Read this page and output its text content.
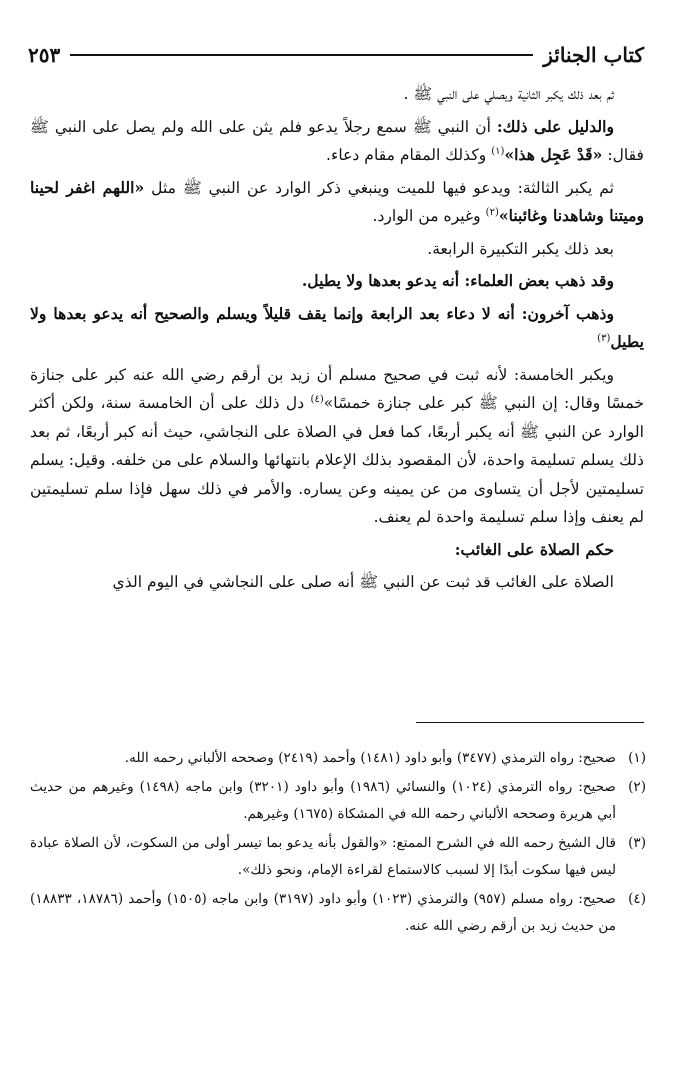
كتاب الجنائز
٢٥٣

ثم بعد ذلك يكبر الثانية ويصلي على النبي ﷺ .

والدليل على ذلك: أن النبي ﷺ سمع رجلاً يدعو فلم يثن على الله ولم يصل على النبي ﷺ فقال: «قَدْ عَجِل هذا»$^{(١)}$ وكذلك المقام مقام دعاء.

ثم يكبر الثالثة: ويدعو فيها للميت وينبغي ذكر الوارد عن النبي ﷺ مثل «اللهم اغفر لحينا وميتنا وشاهدنا وغائبنا»$^{(٢)}$ وغيره من الوارد.

بعد ذلك يكبر التكبيرة الرابعة.

وقد ذهب بعض العلماء: أنه يدعو بعدها ولا يطيل.

وذهب آخرون: أنه لا دعاء بعد الرابعة وإنما يقف قليلاً ويسلم والصحيح أنه يدعو بعدها ولا يطيل$^{(٣)}$

ويكبر الخامسة: لأنه ثبت في صحيح مسلم أن زيد بن أرقم رضي الله عنه كبر على جنازة خمسًا وقال: إن النبي ﷺ كبر على جنازة خمسًا»$^{(٤)}$ دل ذلك على أن الخامسة سنة، ولكن أكثر الوارد عن النبي ﷺ أنه يكبر أربعًا، كما فعل في الصلاة على النجاشي، حيث أنه كبر أربعًا، ثم بعد ذلك يسلم تسليمة واحدة، لأن المقصود بذلك الإعلام بانتهائها والسلام على من خلفه. وقيل: يسلم تسليمتين لأجل أن يتساوى من عن يمينه وعن يساره. والأمر في ذلك سهل فإذا سلم تسليمتين لم يعنف وإذا سلم تسليمة واحدة لم يعنف.

حكم الصلاة على الغائب:

الصلاة على الغائب قد ثبت عن النبي ﷺ أنه صلى على النجاشي في اليوم الذي

(١)
صحيح: رواه الترمذي (٣٤٧٧) وأبو داود (١٤٨١) وأحمد (٢٤١٩) وصححه الألباني رحمه الله.
(٢)
صحيح: رواه الترمذي (١٠٢٤) والنسائي (١٩٨٦) وأبو داود (٣٢٠١) وابن ماجه (١٤٩٨) وغيرهم من حديث أبي هريرة وصححه الألباني رحمه الله في المشكاة (١٦٧٥) وغيرهم.
(٣)
قال الشيخ رحمه الله في الشرح الممتع: «والقول بأنه يدعو بما تيسر أولى من السكوت، لأن الصلاة عبادة ليس فيها سكوت أبدًا إلا لسبب كالاستماع لقراءة الإمام، ونحو ذلك».
(٤)
صحيح: رواه مسلم (٩٥٧) والترمذي (١٠٢٣) وأبو داود (٣١٩٧) وابن ماجه (١٥٠٥) وأحمد (١٨٧٨٦، ١٨٨٣٣) من حديث زيد بن أرقم رضي الله عنه.
